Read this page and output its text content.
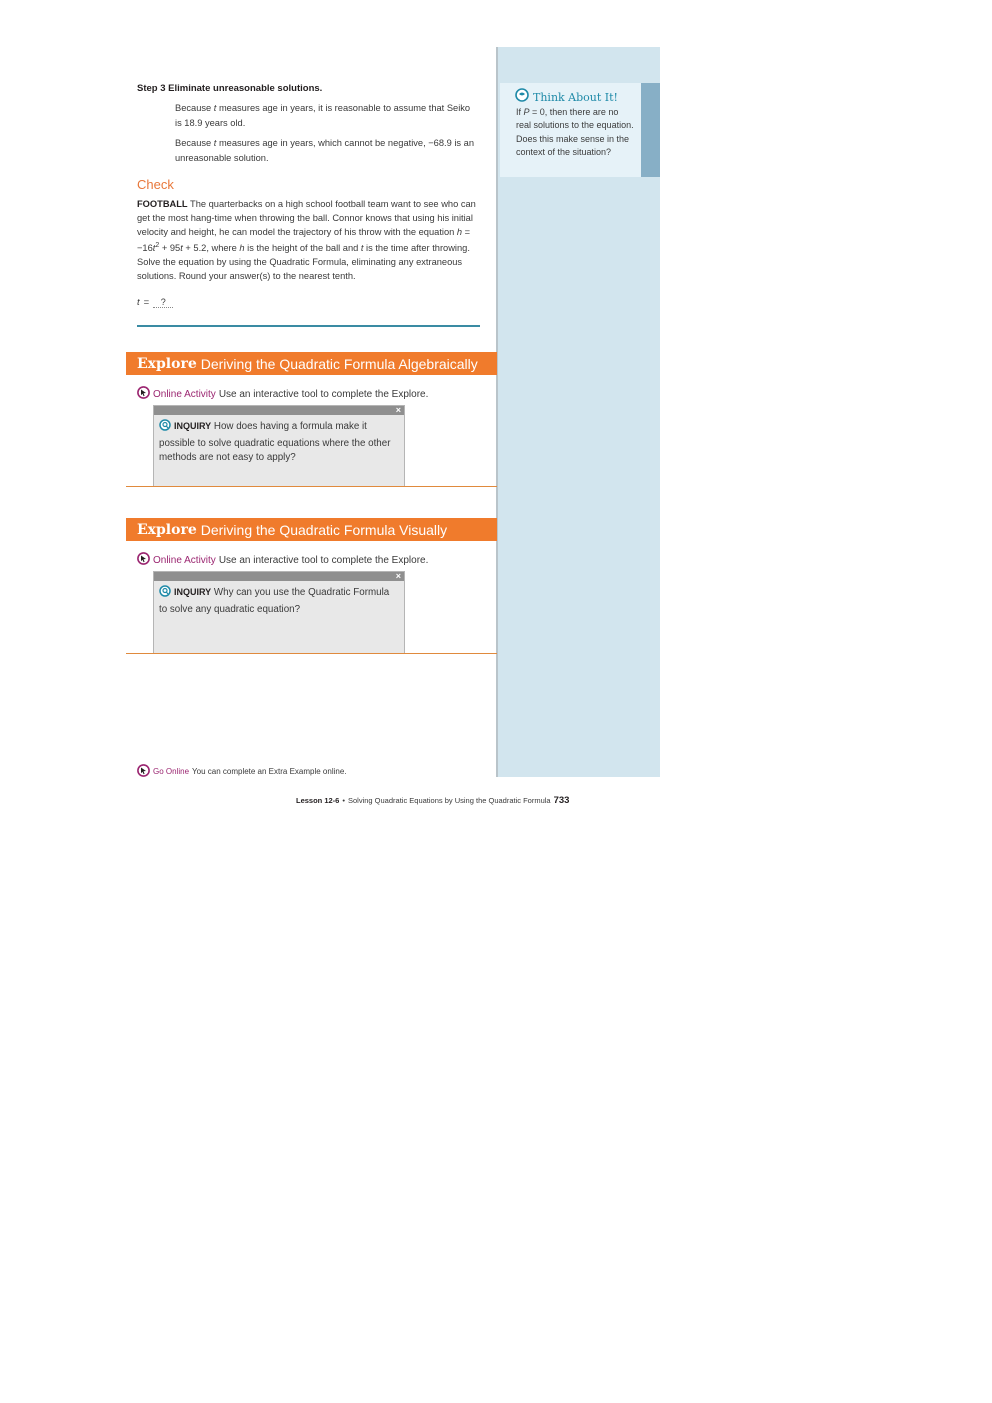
Think About It!
If P = 0, then there are no real solutions to the equation. Does this make sense in the context of the situation?
Step 3 Eliminate unreasonable solutions.
Because t measures age in years, it is reasonable to assume that Seiko is 18.9 years old.
Because t measures age in years, which cannot be negative, −68.9 is an unreasonable solution.
Check
FOOTBALL The quarterbacks on a high school football team want to see who can get the most hang-time when throwing the ball. Connor knows that using his initial velocity and height, he can model the trajectory of his throw with the equation $h = -16t^2 + 95t + 5.2$, where h is the height of the ball and t is the time after throwing. Solve the equation by using the Quadratic Formula, eliminating any extraneous solutions. Round your answer(s) to the nearest tenth.
t =	?
Explore Deriving the Quadratic Formula Algebraically
Online Activity Use an interactive tool to complete the Explore.
×
INQUIRY How does having a formula make it possible to solve quadratic equations where the other methods are not easy to apply?
Explore Deriving the Quadratic Formula Visually
Online Activity Use an interactive tool to complete the Explore.
×
INQUIRY Why can you use the Quadratic Formula to solve any quadratic equation?
Go Online You can complete an Extra Example online.
Lesson 12-6 • Solving Quadratic Equations by Using the Quadratic Formula 733
